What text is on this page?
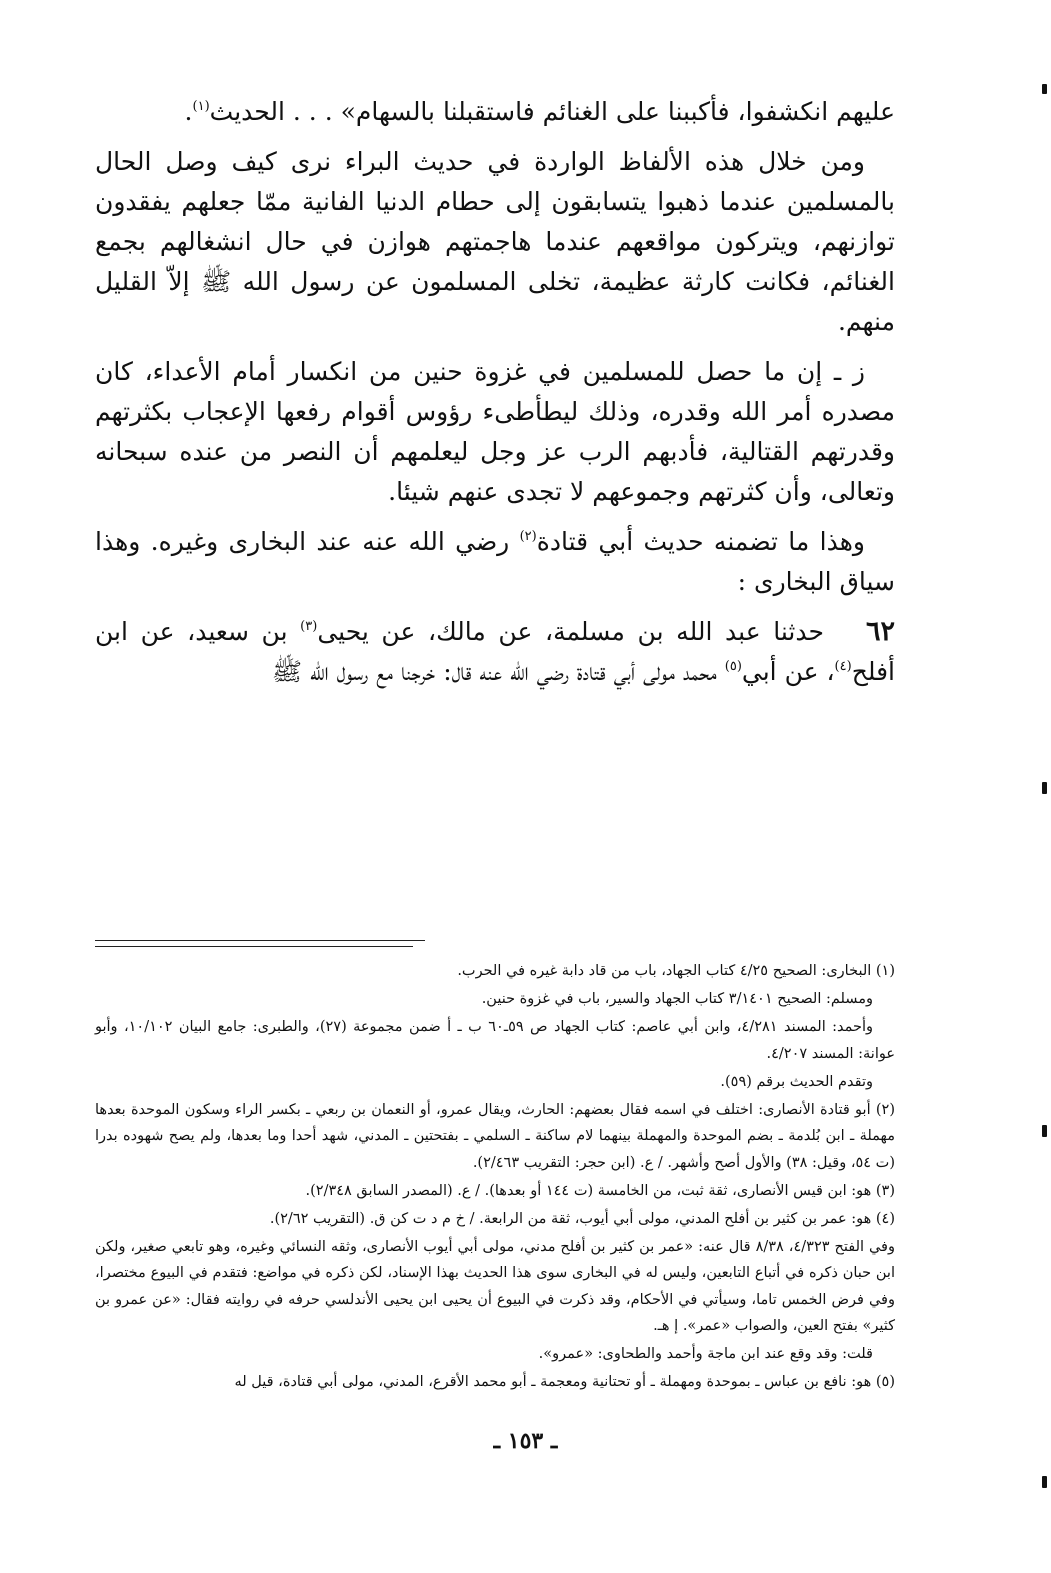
عليهم انكشفوا، فأكببنا على الغنائم فاستقبلنا بالسهام» . . . الحديث$^{(١)}$.

ومن خلال هذه الألفاظ الواردة في حديث البراء نرى كيف وصل الحال بالمسلمين عندما ذهبوا يتسابقون إلى حطام الدنيا الفانية ممّا جعلهم يفقدون توازنهم، ويتركون مواقعهم عندما هاجمتهم هوازن في حال انشغالهم بجمع الغنائم، فكانت كارثة عظيمة، تخلى المسلمون عن رسول الله ﷺ إلاّ القليل منهم.

ز ـ إن ما حصل للمسلمين في غزوة حنين من انكسار أمام الأعداء، كان مصدره أمر الله وقدره، وذلك ليطأطىء رؤوس أقوام رفعها الإعجاب بكثرتهم وقدرتهم القتالية، فأدبهم الرب عز وجل ليعلمهم أن النصر من عنده سبحانه وتعالى، وأن كثرتهم وجموعهم لا تجدى عنهم شيئا.

وهذا ما تضمنه حديث أبي قتادة$^{(٢)}$ رضي الله عنه عند البخارى وغيره. وهذا سياق البخارى :

٦٢حدثنا عبد الله بن مسلمة، عن مالك، عن يحيى$^{(٣)}$ بن سعيد، عن ابن أفلح$^{(٤)}$، عن أبي$^{(٥)}$ محمد مولى أبي قتادة رضي الله عنه قال: خرجنا مع رسول الله ﷺ

(١) البخارى: الصحيح ٤/٢٥ كتاب الجهاد، باب من قاد دابة غيره في الحرب.

ومسلم: الصحيح ٣/١٤٠١ كتاب الجهاد والسير، باب في غزوة حنين.

وأحمد: المسند ٤/٢٨١، وابن أبي عاصم: كتاب الجهاد ص ٥٩ـ٦٠ ب ـ أ ضمن مجموعة (٢٧)، والطبرى: جامع البيان ١٠/١٠٢، وأبو عوانة: المسند ٤/٢٠٧.

وتقدم الحديث برقم (٥٩).

(٢) أبو قتادة الأنصارى: اختلف في اسمه فقال بعضهم: الحارث، ويقال عمرو، أو النعمان بن ربعي ـ بكسر الراء وسكون الموحدة بعدها مهملة ـ ابن بُلدمة ـ بضم الموحدة والمهملة بينهما لام ساكنة ـ السلمي ـ بفتحتين ـ المدني، شهد أحدا وما بعدها، ولم يصح شهوده بدرا (ت ٥٤، وقيل: ٣٨) والأول أصح وأشهر. / ع. (ابن حجر: التقريب ٢/٤٦٣).

(٣) هو: ابن قيس الأنصارى، ثقة ثبت، من الخامسة (ت ١٤٤ أو بعدها). / ع. (المصدر السابق ٢/٣٤٨).

(٤) هو: عمر بن كثير بن أفلح المدني، مولى أبي أيوب، ثقة من الرابعة. / خ م د ت كن ق. (التقريب ٢/٦٢).

وفي الفتح ٤/٣٢٣، ٨/٣٨ قال عنه: «عمر بن كثير بن أفلح مدني، مولى أبي أيوب الأنصارى، وثقه النسائي وغيره، وهو تابعي صغير، ولكن ابن حبان ذكره في أتباع التابعين، وليس له في البخارى سوى هذا الحديث بهذا الإسناد، لكن ذكره في مواضع: فتقدم في البيوع مختصرا، وفي فرض الخمس تاما، وسيأتي في الأحكام، وقد ذكرت في البيوع أن يحيى ابن يحيى الأندلسي حرفه في روايته فقال: «عن عمرو بن كثير» بفتح العين، والصواب «عمر». إ هـ.

قلت: وقد وقع عند ابن ماجة وأحمد والطحاوى: «عمرو».

(٥) هو: نافع بن عباس ـ بموحدة ومهملة ـ أو تحتانية ومعجمة ـ أبو محمد الأقرع، المدني، مولى أبي قتادة، قيل له

ـ ١٥٣ ـ
